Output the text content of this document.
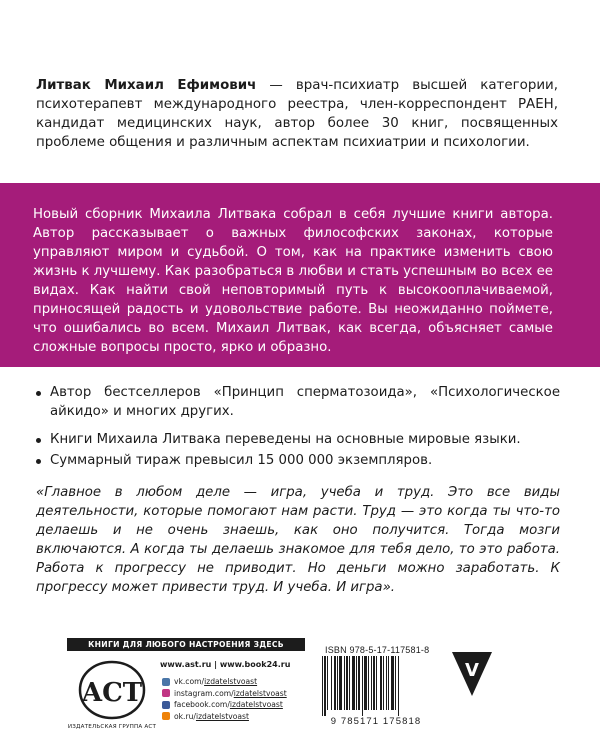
Литвак Михаил Ефимович — врач-психиатр высшей категории, психотерапевт международного реестра, член-корреспондент РАЕН, кандидат медицинских наук, автор более 30 книг, посвященных проблеме общения и различным аспектам психиатрии и психологии.

Новый сборник Михаила Литвака собрал в себя лучшие книги автора. Автор рассказывает о важных философских законах, которые управляют миром и судьбой. О том, как на практике изменить свою жизнь к лучшему. Как разобраться в любви и стать успешным во всех ее видах. Как найти свой неповторимый путь к высокооплачиваемой, приносящей радость и удовольствие работе. Вы неожиданно поймете, что ошибались во всем. Михаил Литвак, как всегда, объясняет самые сложные вопросы просто, ярко и образно.

Автор бестселлеров «Принцип сперматозоида», «Психологическое айкидо» и многих других.
Книги Михаила Литвака переведены на основные мировые языки.
Суммарный тираж превысил 15 000 000 экземпляров.

«Главное в любом деле — игра, учеба и труд. Это все виды деятельности, которые помогают нам расти. Труд — это когда ты что-то делаешь и не очень знаешь, как оно получится. Тогда мозги включаются. А когда ты делаешь знакомое для тебя дело, то это работа. Работа к прогрессу не приводит. Но деньги можно заработать. К прогрессу может привести труд. И учеба. И игра».

КНИГИ ДЛЯ ЛЮБОГО НАСТРОЕНИЯ ЗДЕСЬ
ACT
ИЗДАТЕЛЬСКАЯ ГРУППА АСТ
www.ast.ru | www.book24.ru
vk.com/ izdatelstvoast
instagram.com/ izdatelstvoast
facebook.com/ izdatelstvoast
ok.ru/ izdatelstvoast
ISBN 978-5-17-117581-8
9 785171 175818
V
